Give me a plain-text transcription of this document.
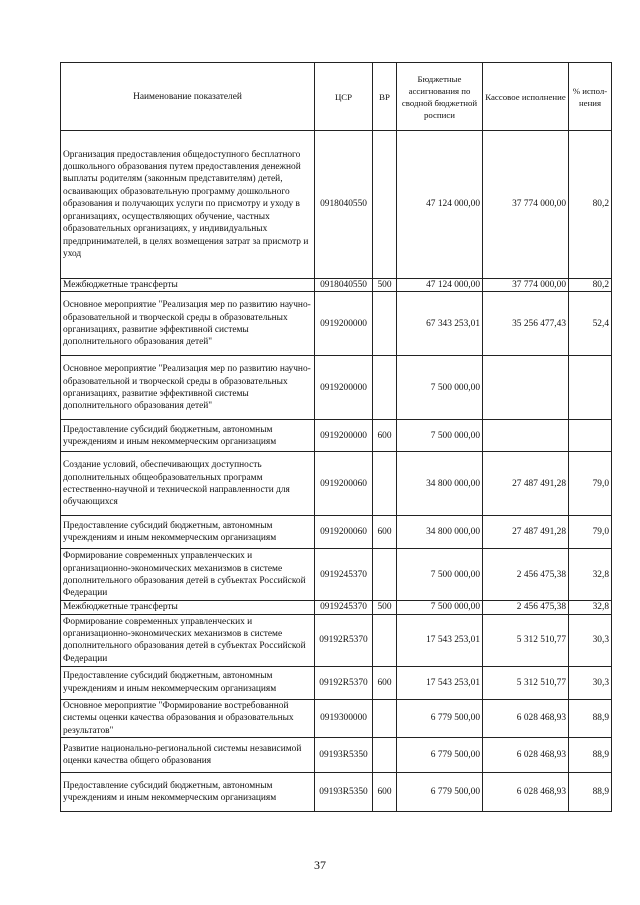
Наименование показателей	ЦСР	ВР	Бюджетные ассигнования по сводной бюджетной росписи	Кассовое исполнение	% испол-нения
Организация предоставления общедоступного бесплатного дошкольного образования путем предоставления денежной выплаты родителям (законным представителям) детей, осваивающих образовательную программу дошкольного образования и получающих услуги по присмотру и уходу в организациях, осуществляющих обучение, частных образовательных организациях, у индивидуальных предпринимателей, в целях возмещения затрат за присмотр и уход	0918040550		47 124 000,00	37 774 000,00	80,2
Межбюджетные трансферты	0918040550	500	47 124 000,00	37 774 000,00	80,2
Основное мероприятие "Реализация мер по развитию научно-образовательной и творческой среды в образовательных организациях, развитие эффективной системы дополнительного образования детей"	0919200000		67 343 253,01	35 256 477,43	52,4
Основное мероприятие "Реализация мер по развитию научно-образовательной и творческой среды в образовательных организациях, развитие эффективной системы дополнительного образования детей"	0919200000		7 500 000,00		
Предоставление субсидий бюджетным, автономным учреждениям и иным некоммерческим организациям	0919200000	600	7 500 000,00		
Создание условий, обеспечивающих доступность дополнительных общеобразовательных программ естественно-научной и технической направленности для обучающихся	0919200060		34 800 000,00	27 487 491,28	79,0
Предоставление субсидий бюджетным, автономным учреждениям и иным некоммерческим организациям	0919200060	600	34 800 000,00	27 487 491,28	79,0
Формирование современных управленческих и организационно-экономических механизмов в системе дополнительного образования детей в субъектах Российской Федерации	0919245370		7 500 000,00	2 456 475,38	32,8
Межбюджетные трансферты	0919245370	500	7 500 000,00	2 456 475,38	32,8
Формирование современных управленческих и организационно-экономических механизмов в системе дополнительного образования детей в субъектах Российской Федерации	09192R5370		17 543 253,01	5 312 510,77	30,3
Предоставление субсидий бюджетным, автономным учреждениям и иным некоммерческим организациям	09192R5370	600	17 543 253,01	5 312 510,77	30,3
Основное мероприятие "Формирование востребованной системы оценки качества образования и образовательных результатов"	0919300000		6 779 500,00	6 028 468,93	88,9
Развитие национально-региональной системы независимой оценки качества общего образования	09193R5350		6 779 500,00	6 028 468,93	88,9
Предоставление субсидий бюджетным, автономным учреждениям и иным некоммерческим организациям	09193R5350	600	6 779 500,00	6 028 468,93	88,9
37
